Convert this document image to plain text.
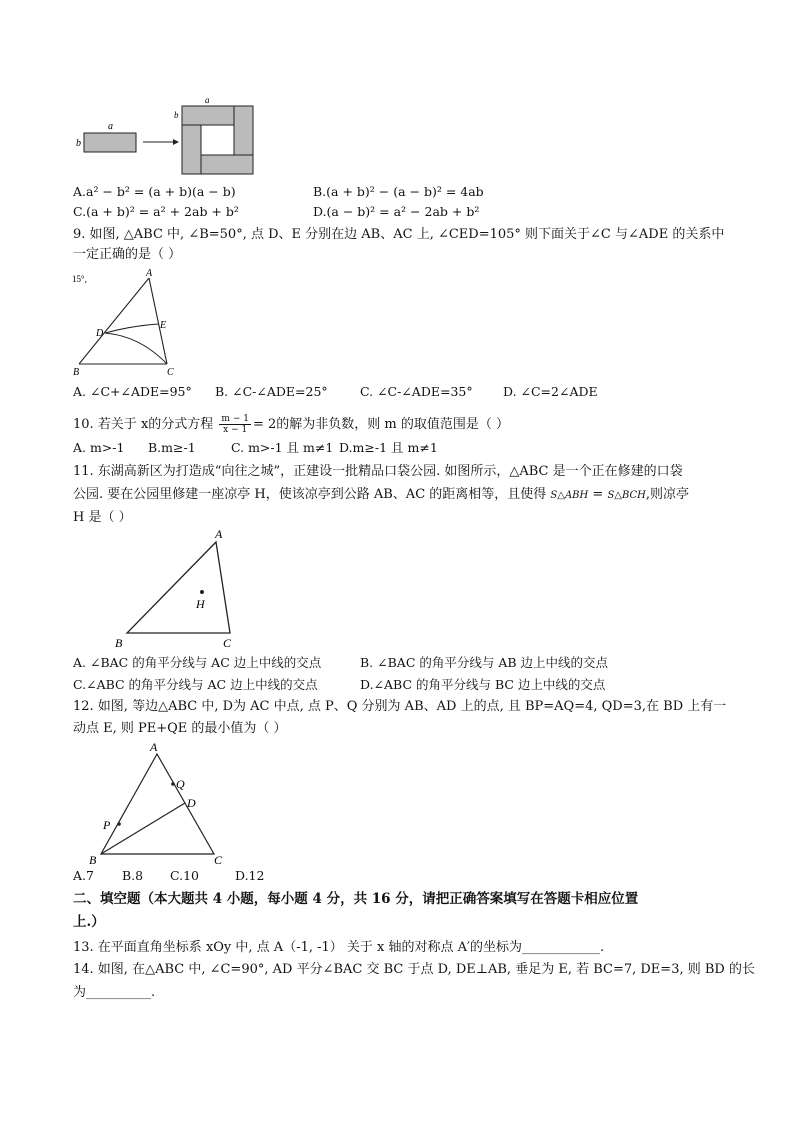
a
b
a
b
A.a² − b² = (a + b)(a − b)	B.(a + b)² − (a − b)² = 4ab
C.(a + b)² = a² + 2ab + b²	D.(a − b)² = a² − 2ab + b²
9. 如图, △ABC 中, ∠B=50°, 点 D、E 分别在边 AB、AC 上, ∠CED=105° 则下面关于∠C 与∠ADE 的关系中
一定正确的是（ ）
15°,	A
B	C
D
E
A. ∠C+∠ADE=95° B. ∠C-∠ADE=25°	C. ∠C-∠ADE=35° D. ∠C=2∠ADE
10. 若关于 x的分式方程 $\frac{m - 1}{x - 1} = 2$的解为非负数，则 m 的取值范围是（ ）
A. m>-1 B.m≥-1	C. m>-1 且 m≠1 D.m≥-1 且 m≠1
11. 东湖高新区为打造成“向往之城”，正建设一批精品口袋公园. 如图所示，△ABC 是一个正在修建的口袋
公园. 要在公园里修建一座凉亭 H，使该凉亭到公路 AB、AC 的距离相等，且使得 S△ABH = S△BCH,则凉亭
H 是（ ）
A
B	C
H
A. ∠BAC 的角平分线与 AC 边上中线的交点	B. ∠BAC 的角平分线与 AB 边上中线的交点
C.∠ABC 的角平分线与 AC 边上中线的交点	D.∠ABC 的角平分线与 BC 边上中线的交点
12. 如图, 等边△ABC 中, D为 AC 中点, 点 P、Q 分别为 AB、AD 上的点, 且 BP=AQ=4, QD=3,在 BD 上有一
动点 E, 则 PE+QE 的最小值为（ ）
A
B	C
D
Q
P
A.7 B.8 C.10	D.12
二、填空题（本大题共 4 小题，每小题 4 分，共 16 分，请把正确答案填写在答题卡相应位置
上.）
13. 在平面直角坐标系 xOy 中, 点 A（-1, -1） 关于 x 轴的对称点 A′的坐标为____________.
14. 如图, 在△ABC 中, ∠C=90°, AD 平分∠BAC 交 BC 于点 D, DE⊥AB, 垂足为 E, 若 BC=7, DE=3, 则 BD 的长
为__________.
